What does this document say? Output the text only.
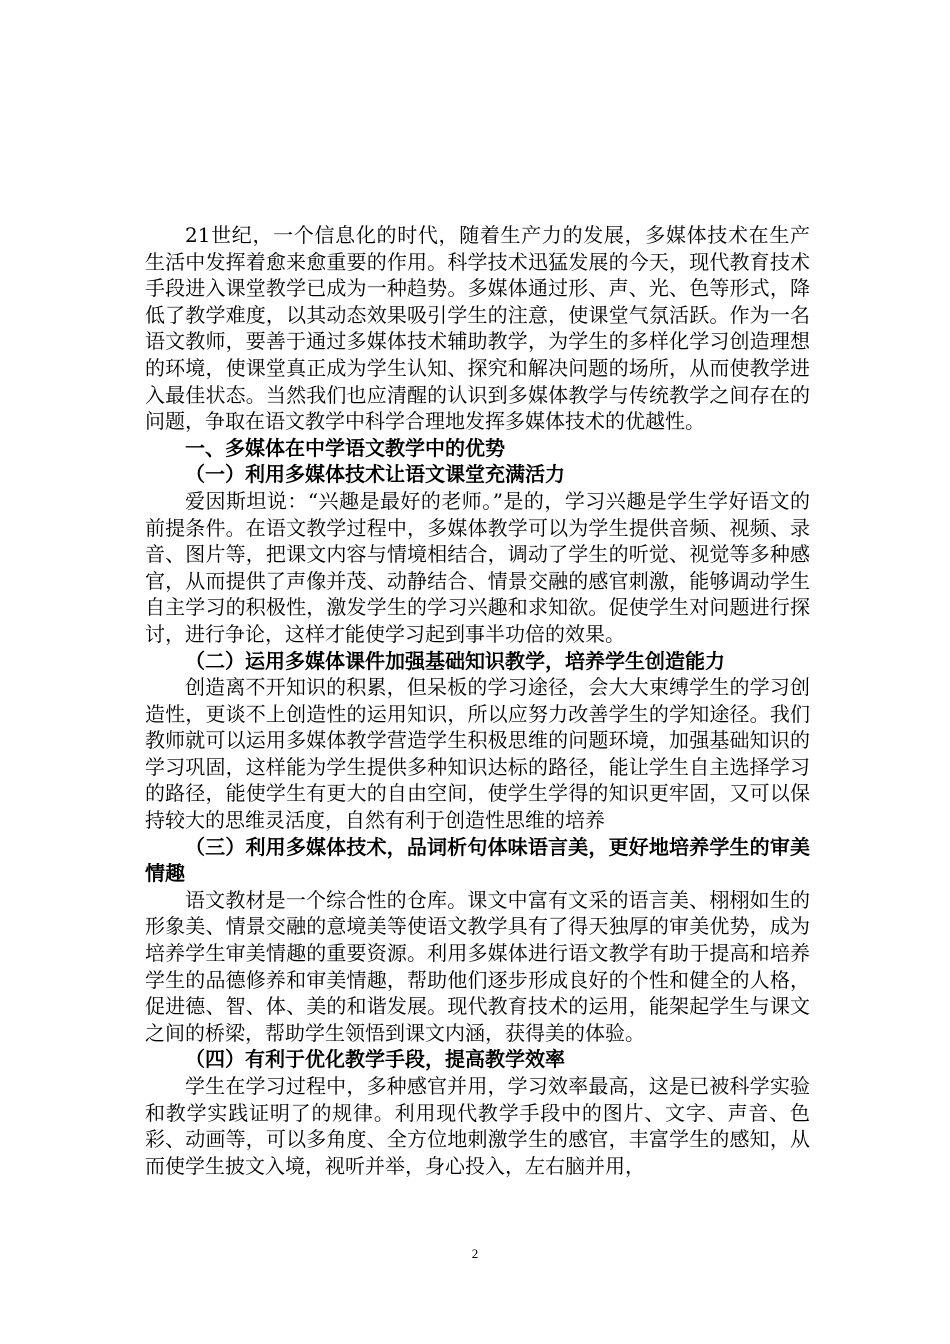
21世纪，一个信息化的时代，随着生产力的发展，多媒体技术在生产生活中发挥着愈来愈重要的作用。科学技术迅猛发展的今天，现代教育技术手段进入课堂教学已成为一种趋势。多媒体通过形、声、光、色等形式，降低了教学难度，以其动态效果吸引学生的注意，使课堂气氛活跃。作为一名语文教师，要善于通过多媒体技术辅助教学，为学生的多样化学习创造理想的环境，使课堂真正成为学生认知、探究和解决问题的场所，从而使教学进入最佳状态。当然我们也应清醒的认识到多媒体教学与传统教学之间存在的问题，争取在语文教学中科学合理地发挥多媒体技术的优越性。

一、多媒体在中学语文教学中的优势

（一）利用多媒体技术让语文课堂充满活力

爱因斯坦说：“兴趣是最好的老师。”是的，学习兴趣是学生学好语文的前提条件。在语文教学过程中，多媒体教学可以为学生提供音频、视频、录音、图片等，把课文内容与情境相结合，调动了学生的听觉、视觉等多种感官，从而提供了声像并茂、动静结合、情景交融的感官刺激，能够调动学生自主学习的积极性，激发学生的学习兴趣和求知欲。促使学生对问题进行探讨，进行争论，这样才能使学习起到事半功倍的效果。

（二）运用多媒体课件加强基础知识教学，培养学生创造能力

创造离不开知识的积累，但呆板的学习途径，会大大束缚学生的学习创造性，更谈不上创造性的运用知识，所以应努力改善学生的学知途径。我们教师就可以运用多媒体教学营造学生积极思维的问题环境，加强基础知识的学习巩固，这样能为学生提供多种知识达标的路径，能让学生自主选择学习的路径，能使学生有更大的自由空间，使学生学得的知识更牢固，又可以保持较大的思维灵活度，自然有利于创造性思维的培养

（三）利用多媒体技术，品词析句体味语言美，更好地培养学生的审美情趣

语文教材是一个综合性的仓库。课文中富有文采的语言美、栩栩如生的形象美、情景交融的意境美等使语文教学具有了得天独厚的审美优势，成为培养学生审美情趣的重要资源。利用多媒体进行语文教学有助于提高和培养学生的品德修养和审美情趣，帮助他们逐步形成良好的个性和健全的人格，促进德、智、体、美的和谐发展。现代教育技术的运用，能架起学生与课文之间的桥梁，帮助学生领悟到课文内涵，获得美的体验。

（四）有利于优化教学手段，提高教学效率

学生在学习过程中，多种感官并用，学习效率最高，这是已被科学实验和教学实践证明了的规律。利用现代教学手段中的图片、文字、声音、色彩、动画等，可以多角度、全方位地刺激学生的感官，丰富学生的感知，从而使学生披文入境，视听并举，身心投入，左右脑并用，

2
